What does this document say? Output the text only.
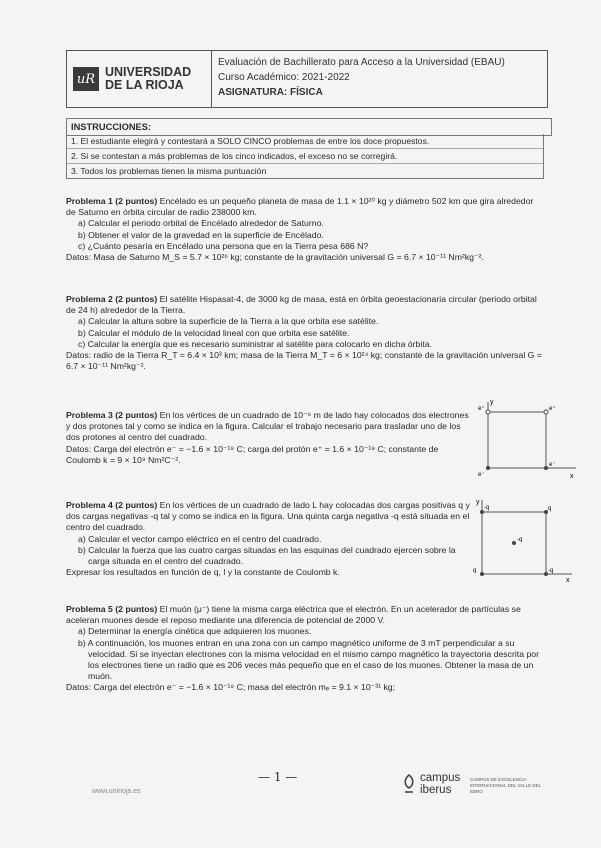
uR UNIVERSIDAD
DE LA RIOJA
Evaluación de Bachillerato para Acceso a la Universidad (EBAU)
Curso Académico: 2021-2022
ASIGNATURA: FÍSICA
INSTRUCCIONES:
1. El estudiante elegirá y contestará a SOLO CINCO problemas de entre los doce propuestos.
2. Si se contestan a más problemas de los cinco indicados, el exceso no se corregirá.
3. Todos los problemas tienen la misma puntuación
Problema 1 (2 puntos) Encélado es un pequeño planeta de masa de 1.1 × 10²⁰ kg y diámetro 502 km que gira alrededor de Saturno en órbita circular de radio 238000 km.
a) Calcular el periodo orbital de Encélado alrededor de Saturno.
b) Obtener el valor de la gravedad en la superficie de Encélado.
c) ¿Cuánto pesaría en Encélado una persona que en la Tierra pesa 686 N?
Datos: Masa de Saturno M_S = 5.7 × 10²⁶ kg; constante de la gravitación universal G = 6.7 × 10⁻¹¹ Nm²kg⁻².
Problema 2 (2 puntos) El satélite Hispasat-4, de 3000 kg de masa, está en órbita geoestacionaria circular (periodo orbital de 24 h) alrededor de la Tierra.
a) Calcular la altura sobre la superficie de la Tierra a la que orbita ese satélite.
b) Calcular el módulo de la velocidad lineal con que orbita ese satélite.
c) Calcular la energía que es necesario suministrar al satélite para colocarlo en dicha órbita.
Datos: radio de la Tierra R_T = 6.4 × 10³ km; masa de la Tierra M_T = 6 × 10²⁴ kg; constante de la gravitación universal G = 6.7 × 10⁻¹¹ Nm²kg⁻².
Problema 3 (2 puntos) En los vértices de un cuadrado de 10⁻⁶ m de lado hay colocados dos electrones y dos protones tal y como se indica en la figura. Calcular el trabajo necesario para trasladar uno de los dos protones al centro del cuadrado.
Datos: Carga del electrón e⁻ = −1.6 × 10⁻¹⁹ C; carga del protón e⁺ = 1.6 × 10⁻¹⁹ C; constante de Coulomb k = 9 × 10⁹ Nm²C⁻².
y
x
e⁺	e⁺
e⁻
e⁻
Problema 4 (2 puntos) En los vértices de un cuadrado de lado L hay colocadas dos cargas positivas q y dos cargas negativas -q tal y como se indica en la figura. Una quinta carga negativa -q está situada en el centro del cuadrado.
a) Calcular el vector campo eléctrico en el centro del cuadrado.
b) Calcular la fuerza que las cuatro cargas situadas en las esquinas del cuadrado ejercen sobre la carga situada en el centro del cuadrado.
Expresar los resultados en función de q, l y la constante de Coulomb k.
y
x
-q	q
q	-q
-q
Problema 5 (2 puntos) El muón (μ⁻) tiene la misma carga eléctrica que el electrón. En un acelerador de partículas se aceleran muones desde el reposo mediante una diferencia de potencial de 2000 V.
a) Determinar la energía cinética que adquieren los muones.
b) A continuación, los muones entran en una zona con un campo magnético uniforme de 3 mT perpendicular a su velocidad. Si se inyectan electrones con la misma velocidad en el mismo campo magnético la trayectoria descrita por los electrones tiene un radio que es 206 veces más pequeño que en el caso de los muones. Obtener la masa de un muón.
Datos: Carga del electrón e⁻ = −1.6 × 10⁻¹⁹ C; masa del electrón mₑ = 9.1 × 10⁻³¹ kg;
www.unirioja.es
— 1 —	campus
iberus
CAMPUS DE EXCELENCIA INTERNACIONAL DEL VALLE DEL EBRO
